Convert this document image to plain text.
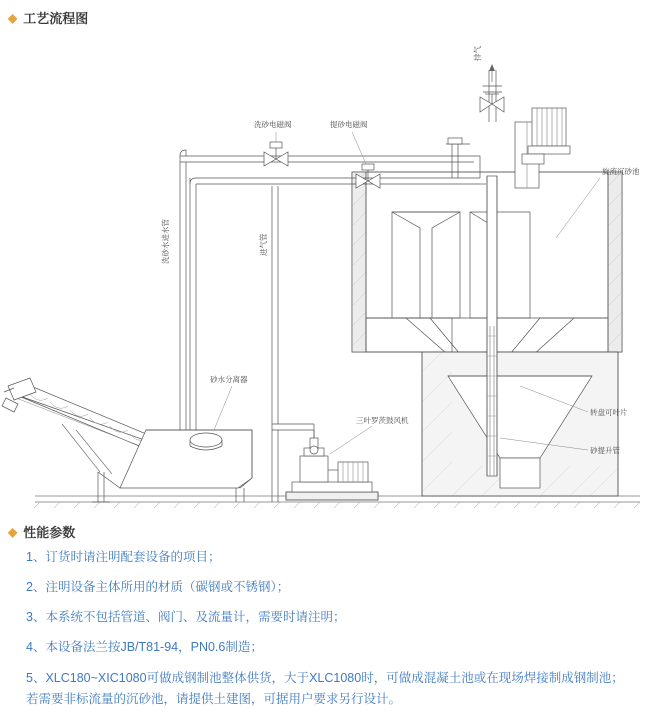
◆ 工艺流程图
洗砂电磁阀	提砂电磁阀
排气
旋流沉砂池
转盘可叶片
砂提升管
砂水分离器
三叶罗茨鼓风机
洗砂水进水管	进气管
◆ 性能参数
1、订货时请注明配套设备的项目；
2、注明设备主体所用的材质（碳钢或不锈钢）；
3、本系统不包括管道、阀门、及流量计，需要时请注明；
4、本设备法兰按JB/T81-94，PN0.6制造；
5、XLC180~XIC1080可做成钢制池整体供货，大于XLC1080时，可做成混凝土池或在现场焊接制成钢制池；
若需要非标流量的沉砂池，请提供土建图，可据用户要求另行设计。
